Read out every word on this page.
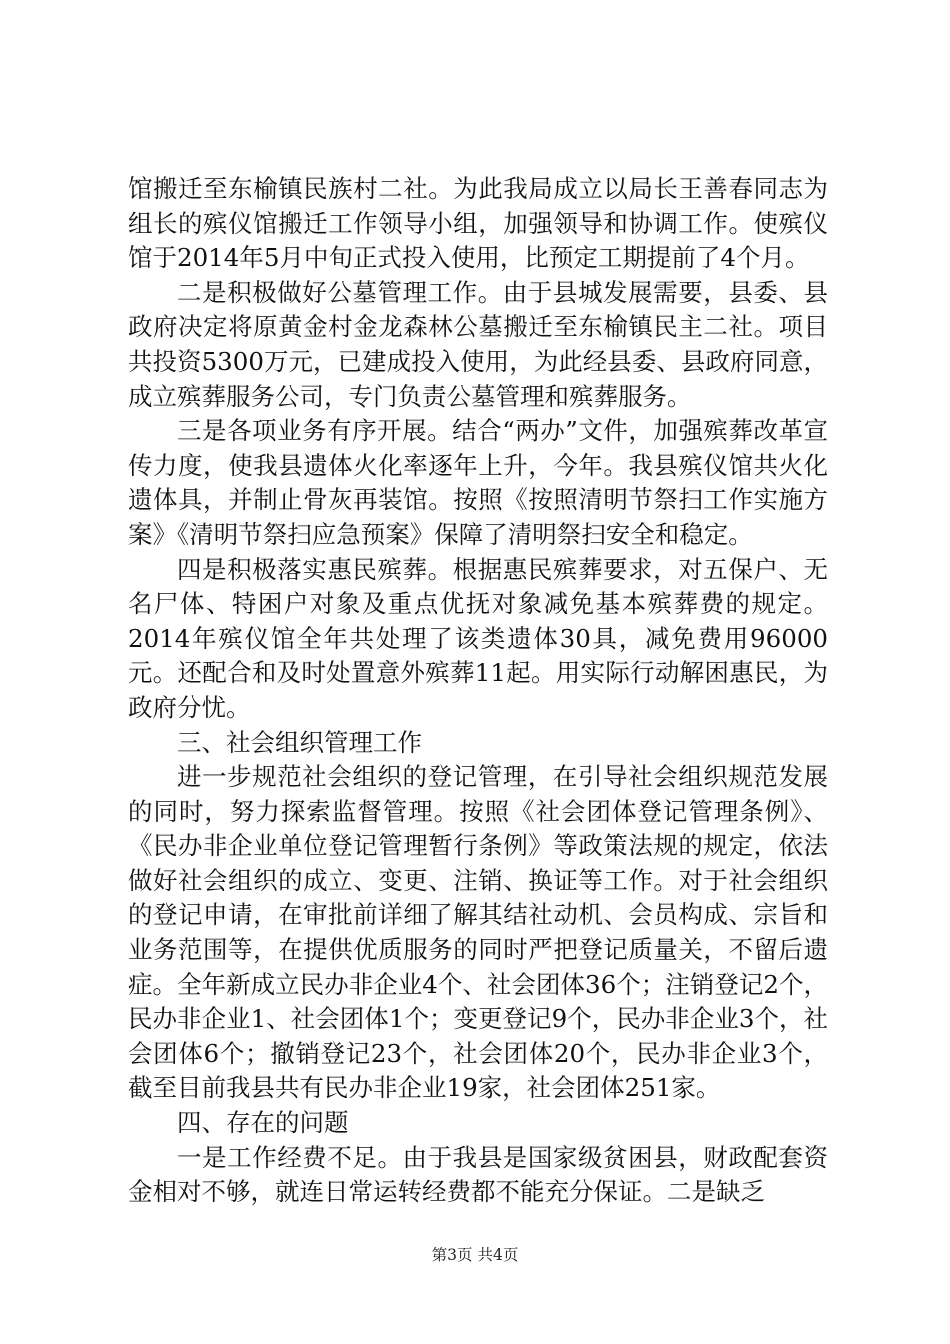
馆搬迁至东榆镇民族村二社。为此我局成立以局长王善春同志为组长的殡仪馆搬迁工作领导小组，加强领导和协调工作。使殡仪馆于2014年5月中旬正式投入使用，比预定工期提前了4个月。

二是积极做好公墓管理工作。由于县城发展需要，县委、县政府决定将原黄金村金龙森林公墓搬迁至东榆镇民主二社。项目共投资5300万元，已建成投入使用，为此经县委、县政府同意，成立殡葬服务公司，专门负责公墓管理和殡葬服务。

三是各项业务有序开展。结合“两办”文件，加强殡葬改革宣传力度，使我县遗体火化率逐年上升，今年。我县殡仪馆共火化遗体具，并制止骨灰再装馆。按照《按照清明节祭扫工作实施方案》《清明节祭扫应急预案》保障了清明祭扫安全和稳定。

四是积极落实惠民殡葬。根据惠民殡葬要求，对五保户、无名尸体、特困户对象及重点优抚对象减免基本殡葬费的规定。2014年殡仪馆全年共处理了该类遗体30具，减免费用96000元。还配合和及时处置意外殡葬11起。用实际行动解困惠民，为政府分忧。

三、社会组织管理工作

进一步规范社会组织的登记管理，在引导社会组织规范发展的同时，努力探索监督管理。按照《社会团体登记管理条例》、《民办非企业单位登记管理暂行条例》等政策法规的规定，依法做好社会组织的成立、变更、注销、换证等工作。对于社会组织的登记申请，在审批前详细了解其结社动机、会员构成、宗旨和业务范围等，在提供优质服务的同时严把登记质量关，不留后遗症。全年新成立民办非企业4个、社会团体36个；注销登记2个，民办非企业1、社会团体1个；变更登记9个，民办非企业3个，社会团体6个；撤销登记23个，社会团体20个，民办非企业3个，截至目前我县共有民办非企业19家，社会团体251家。

四、存在的问题

一是工作经费不足。由于我县是国家级贫困县，财政配套资金相对不够，就连日常运转经费都不能充分保证。二是缺乏

第3页 共4页
